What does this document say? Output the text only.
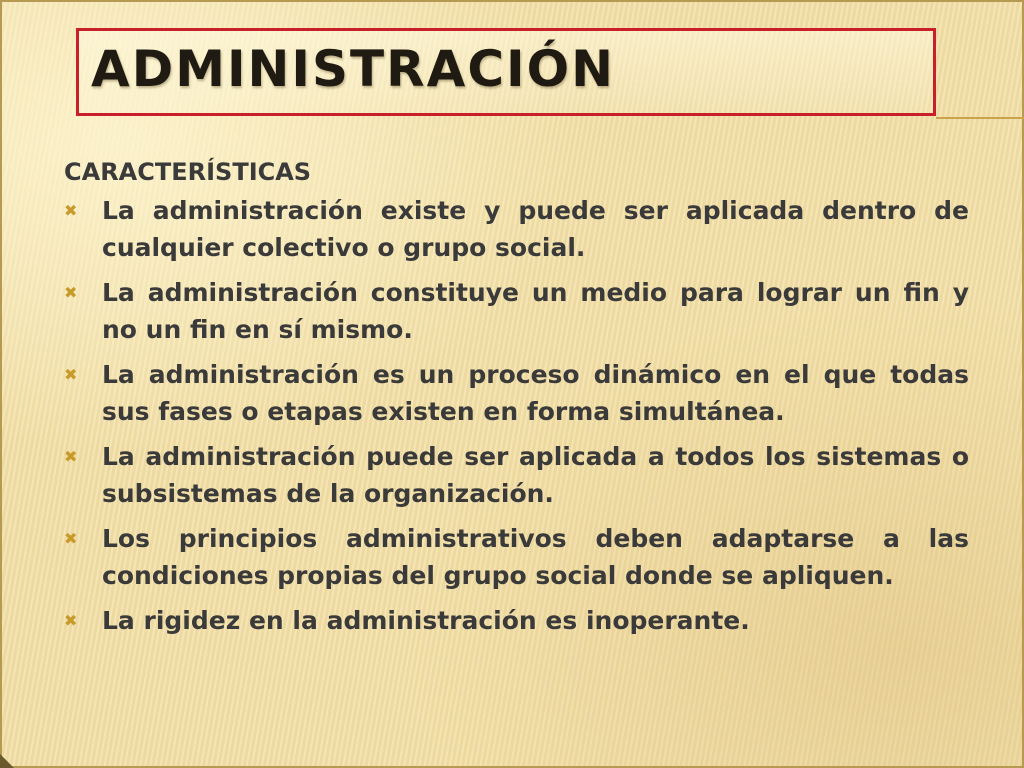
ADMINISTRACIÓN

CARACTERÍSTICAS

✖ La administración existe y puede ser aplicada dentro de cualquier colectivo o grupo social.
✖ La administración constituye un medio para lograr un fin y no un fin en sí mismo.
✖ La administración es un proceso dinámico en el que todas sus fases o etapas existen en forma simultánea.
✖ La administración puede ser aplicada a todos los sistemas o subsistemas de la organización.
✖ Los principios administrativos deben adaptarse a las condiciones propias del grupo social donde se apliquen.
✖ La rigidez en la administración es inoperante.
